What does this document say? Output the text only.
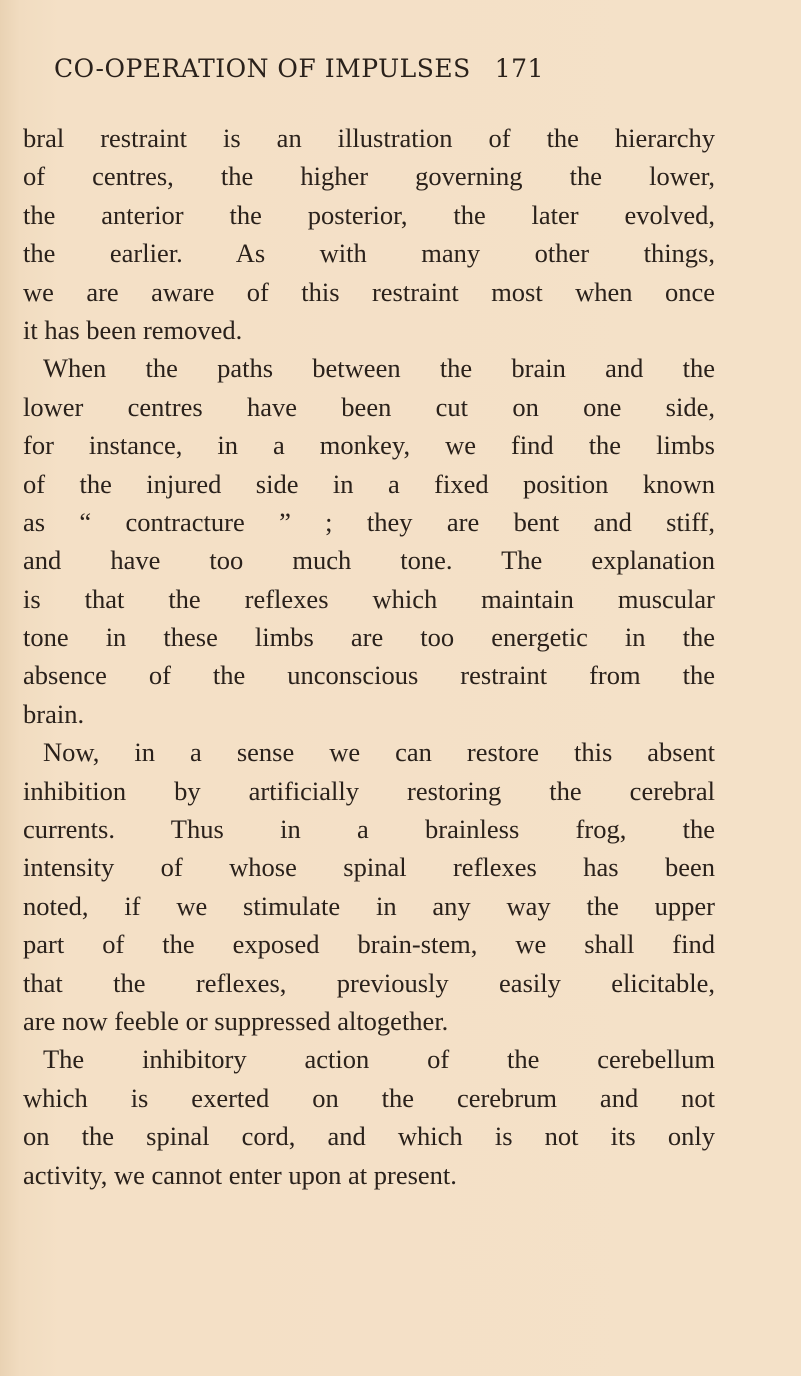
CO-OPERATION OF IMPULSES 171
bral restraint is an illustration of the hierarchy
of centres, the higher governing the lower,
the anterior the posterior, the later evolved,
the earlier. As with many other things,
we are aware of this restraint most when once
it has been removed.
When the paths between the brain and the
lower centres have been cut on one side,
for instance, in a monkey, we find the limbs
of the injured side in a fixed position known
as “ contracture ” ; they are bent and stiff,
and have too much tone. The explanation
is that the reflexes which maintain muscular
tone in these limbs are too energetic in the
absence of the unconscious restraint from the
brain.
Now, in a sense we can restore this absent
inhibition by artificially restoring the cerebral
currents. Thus in a brainless frog, the
intensity of whose spinal reflexes has been
noted, if we stimulate in any way the upper
part of the exposed brain-stem, we shall find
that the reflexes, previously easily elicitable,
are now feeble or suppressed altogether.
The inhibitory action of the cerebellum
which is exerted on the cerebrum and not
on the spinal cord, and which is not its only
activity, we cannot enter upon at present.
